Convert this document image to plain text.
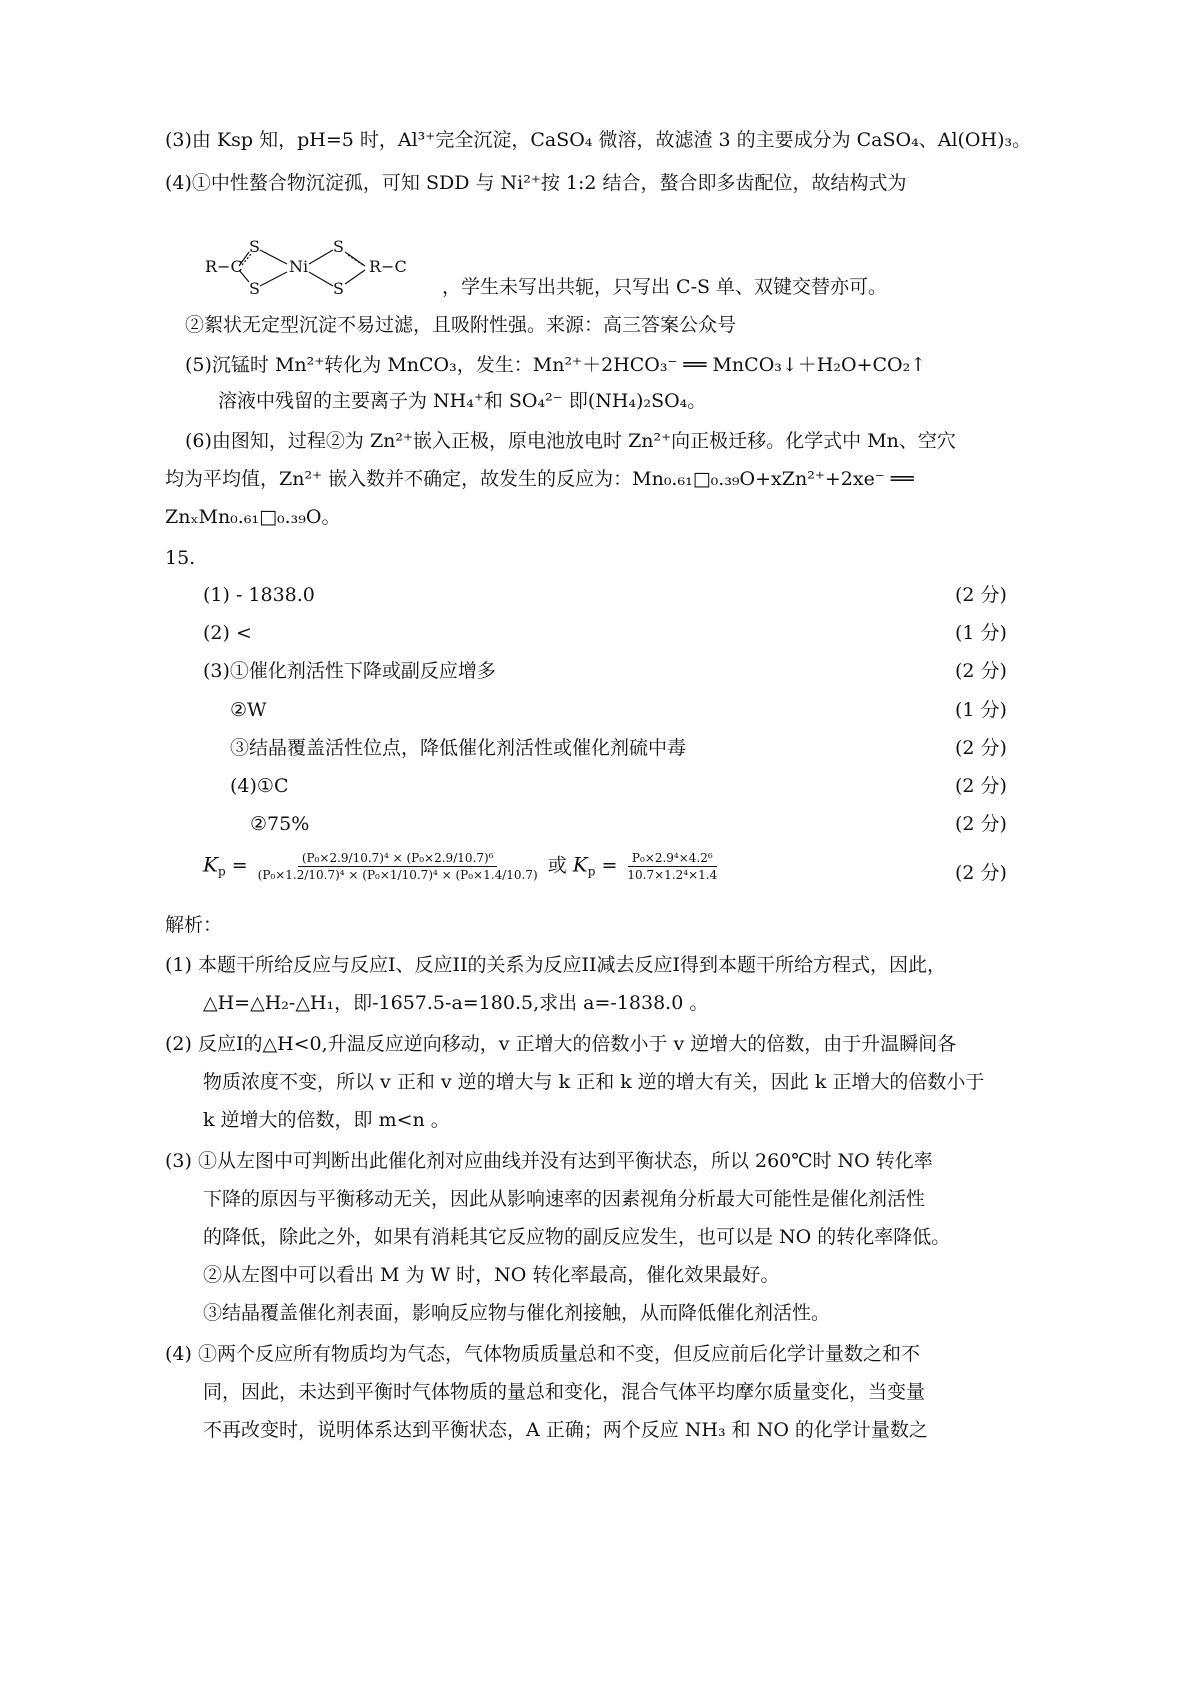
(3)由 Ksp 知，pH=5 时，Al³⁺完全沉淀，CaSO₄ 微溶，故滤渣 3 的主要成分为 CaSO₄、Al(OH)₃。
(4)①中性螯合物沉淀孤，可知 SDD 与 Ni²⁺按 1:2 结合，螯合即多齿配位，故结构式为
R−C
S
S
Ni
S
S
R−C
，学生未写出共轭，只写出 C-S 单、双键交替亦可。
②絮状无定型沉淀不易过滤，且吸附性强。来源：高三答案公众号
(5)沉锰时 Mn²⁺转化为 MnCO₃，发生：Mn²⁺＋2HCO₃⁻ ══ MnCO₃↓＋H₂O+CO₂↑
溶液中残留的主要离子为 NH₄⁺和 SO₄²⁻ 即(NH₄)₂SO₄。
(6)由图知，过程②为 Zn²⁺嵌入正极，原电池放电时 Zn²⁺向正极迁移。化学式中 Mn、空穴
均为平均值，Zn²⁺ 嵌入数并不确定，故发生的反应为：Mn₀.₆₁□₀.₃₉O+xZn²⁺+2xe⁻ ══
ZnₓMn₀.₆₁□₀.₃₉O。
15.
(1) - 1838.0	(2 分)
(2) <	(1 分)
(3)①催化剂活性下降或副反应增多	(2 分)
②W	(1 分)
③结晶覆盖活性位点，降低催化剂活性或催化剂硫中毒	(2 分)
(4)①C	(2 分)
②75%	(2 分)
$K_p = \frac{\text{(P₀×2.9/10.7)⁴ × (P₀×2.9/10.7)⁶}}{\text{(P₀×1.2/10.7)⁴ × (P₀×1/10.7)⁴ × (P₀×1.4/10.7)}}$ 或 $K_p = \frac{\text{P₀×2.9⁴×4.2⁶}}{\text{10.7×1.2⁴×1.4}}$	(2 分)
解析：
(1) 本题干所给反应与反应I、反应II的关系为反应II减去反应I得到本题干所给方程式，因此，
△H=△H₂-△H₁，即-1657.5-a=180.5,求出 a=-1838.0 。
(2) 反应I的△H<0,升温反应逆向移动，v 正增大的倍数小于 v 逆增大的倍数，由于升温瞬间各
物质浓度不变，所以 v 正和 v 逆的增大与 k 正和 k 逆的增大有关，因此 k 正增大的倍数小于
k 逆增大的倍数，即 m<n 。
(3) ①从左图中可判断出此催化剂对应曲线并没有达到平衡状态，所以 260℃时 NO 转化率
下降的原因与平衡移动无关，因此从影响速率的因素视角分析最大可能性是催化剂活性
的降低，除此之外，如果有消耗其它反应物的副反应发生，也可以是 NO 的转化率降低。
②从左图中可以看出 M 为 W 时，NO 转化率最高，催化效果最好。
③结晶覆盖催化剂表面，影响反应物与催化剂接触，从而降低催化剂活性。
(4) ①两个反应所有物质均为气态，气体物质质量总和不变，但反应前后化学计量数之和不
同，因此，未达到平衡时气体物质的量总和变化，混合气体平均摩尔质量变化，当变量
不再改变时，说明体系达到平衡状态，A 正确；两个反应 NH₃ 和 NO 的化学计量数之
